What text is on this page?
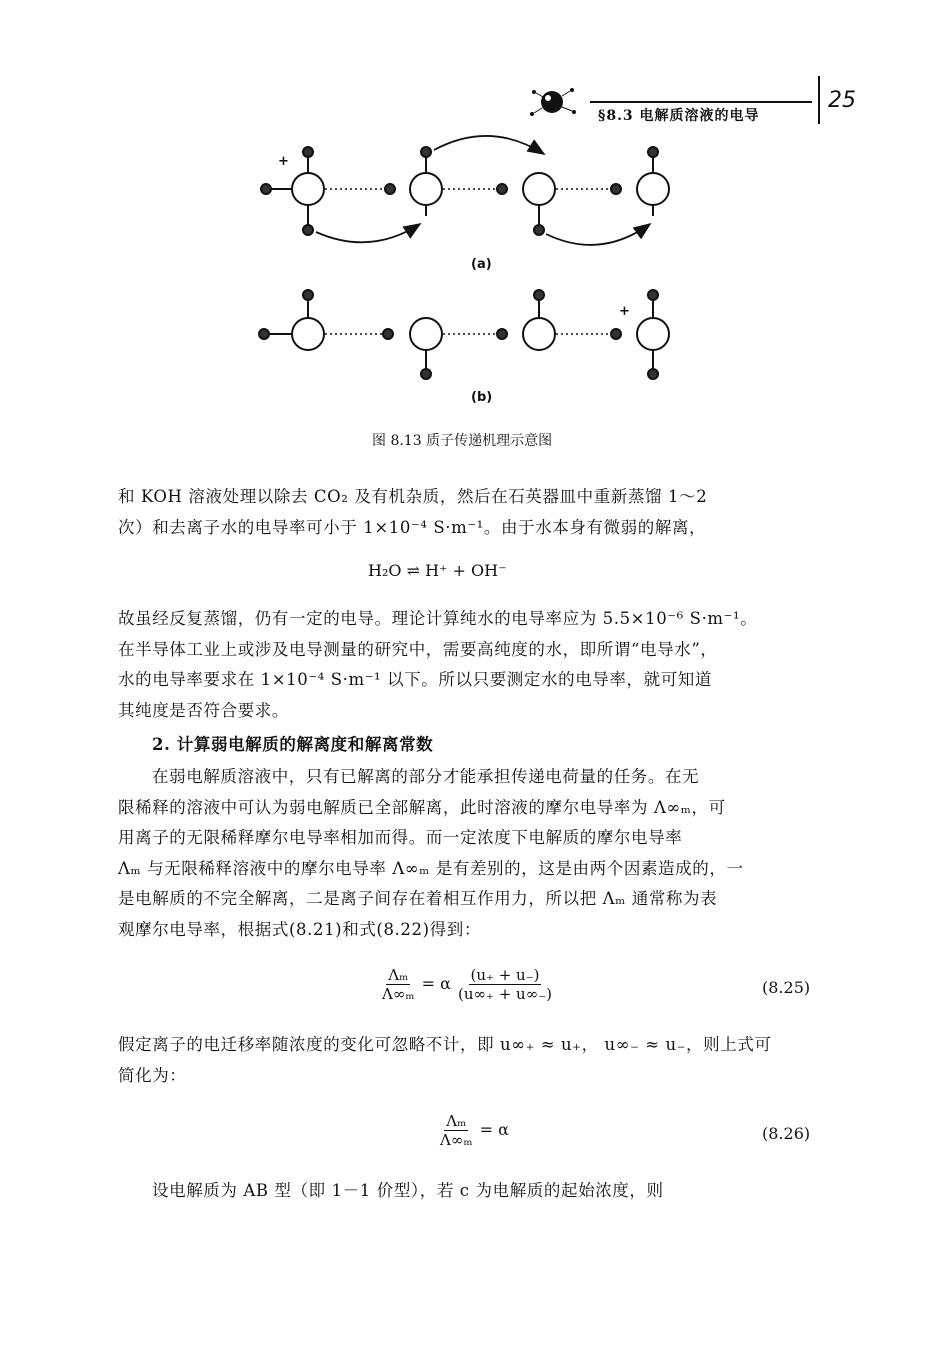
§8.3 电解质溶液的电导
25
+
(a)
+
(b)
图 8.13 质子传递机理示意图
和 KOH 溶液处理以除去 CO₂ 及有机杂质，然后在石英器皿中重新蒸馏 1～2
次）和去离子水的电导率可小于 1×10⁻⁴ S·m⁻¹。由于水本身有微弱的解离，
H₂O ⇌ H⁺ + OH⁻
故虽经反复蒸馏，仍有一定的电导。理论计算纯水的电导率应为 5.5×10⁻⁶ S·m⁻¹。
在半导体工业上或涉及电导测量的研究中，需要高纯度的水，即所谓“电导水”，
水的电导率要求在 1×10⁻⁴ S·m⁻¹ 以下。所以只要测定水的电导率，就可知道
其纯度是否符合要求。
2. 计算弱电解质的解离度和解离常数
在弱电解质溶液中，只有已解离的部分才能承担传递电荷量的任务。在无
限稀释的溶液中可认为弱电解质已全部解离，此时溶液的摩尔电导率为 Λ∞ₘ，可
用离子的无限稀释摩尔电导率相加而得。而一定浓度下电解质的摩尔电导率
Λₘ 与无限稀释溶液中的摩尔电导率 Λ∞ₘ 是有差别的，这是由两个因素造成的，一
是电解质的不完全解离，二是离子间存在着相互作用力，所以把 Λₘ 通常称为表
观摩尔电导率，根据式(8.21)和式(8.22)得到：
$\frac{\text{Λₘ}}{\text{Λ∞ₘ}} = \alpha \frac{(u_+ + u_-)}{(u\infty_+ + u\infty_-)}$	(8.25)
假定离子的电迁移率随浓度的变化可忽略不计，即 u∞₊ ≈ u₊， u∞₋ ≈ u₋，则上式可
简化为：
$\frac{\text{Λₘ}}{\text{Λ∞ₘ}} = \alpha$	(8.26)
设电解质为 AB 型（即 1－1 价型），若 c 为电解质的起始浓度，则
